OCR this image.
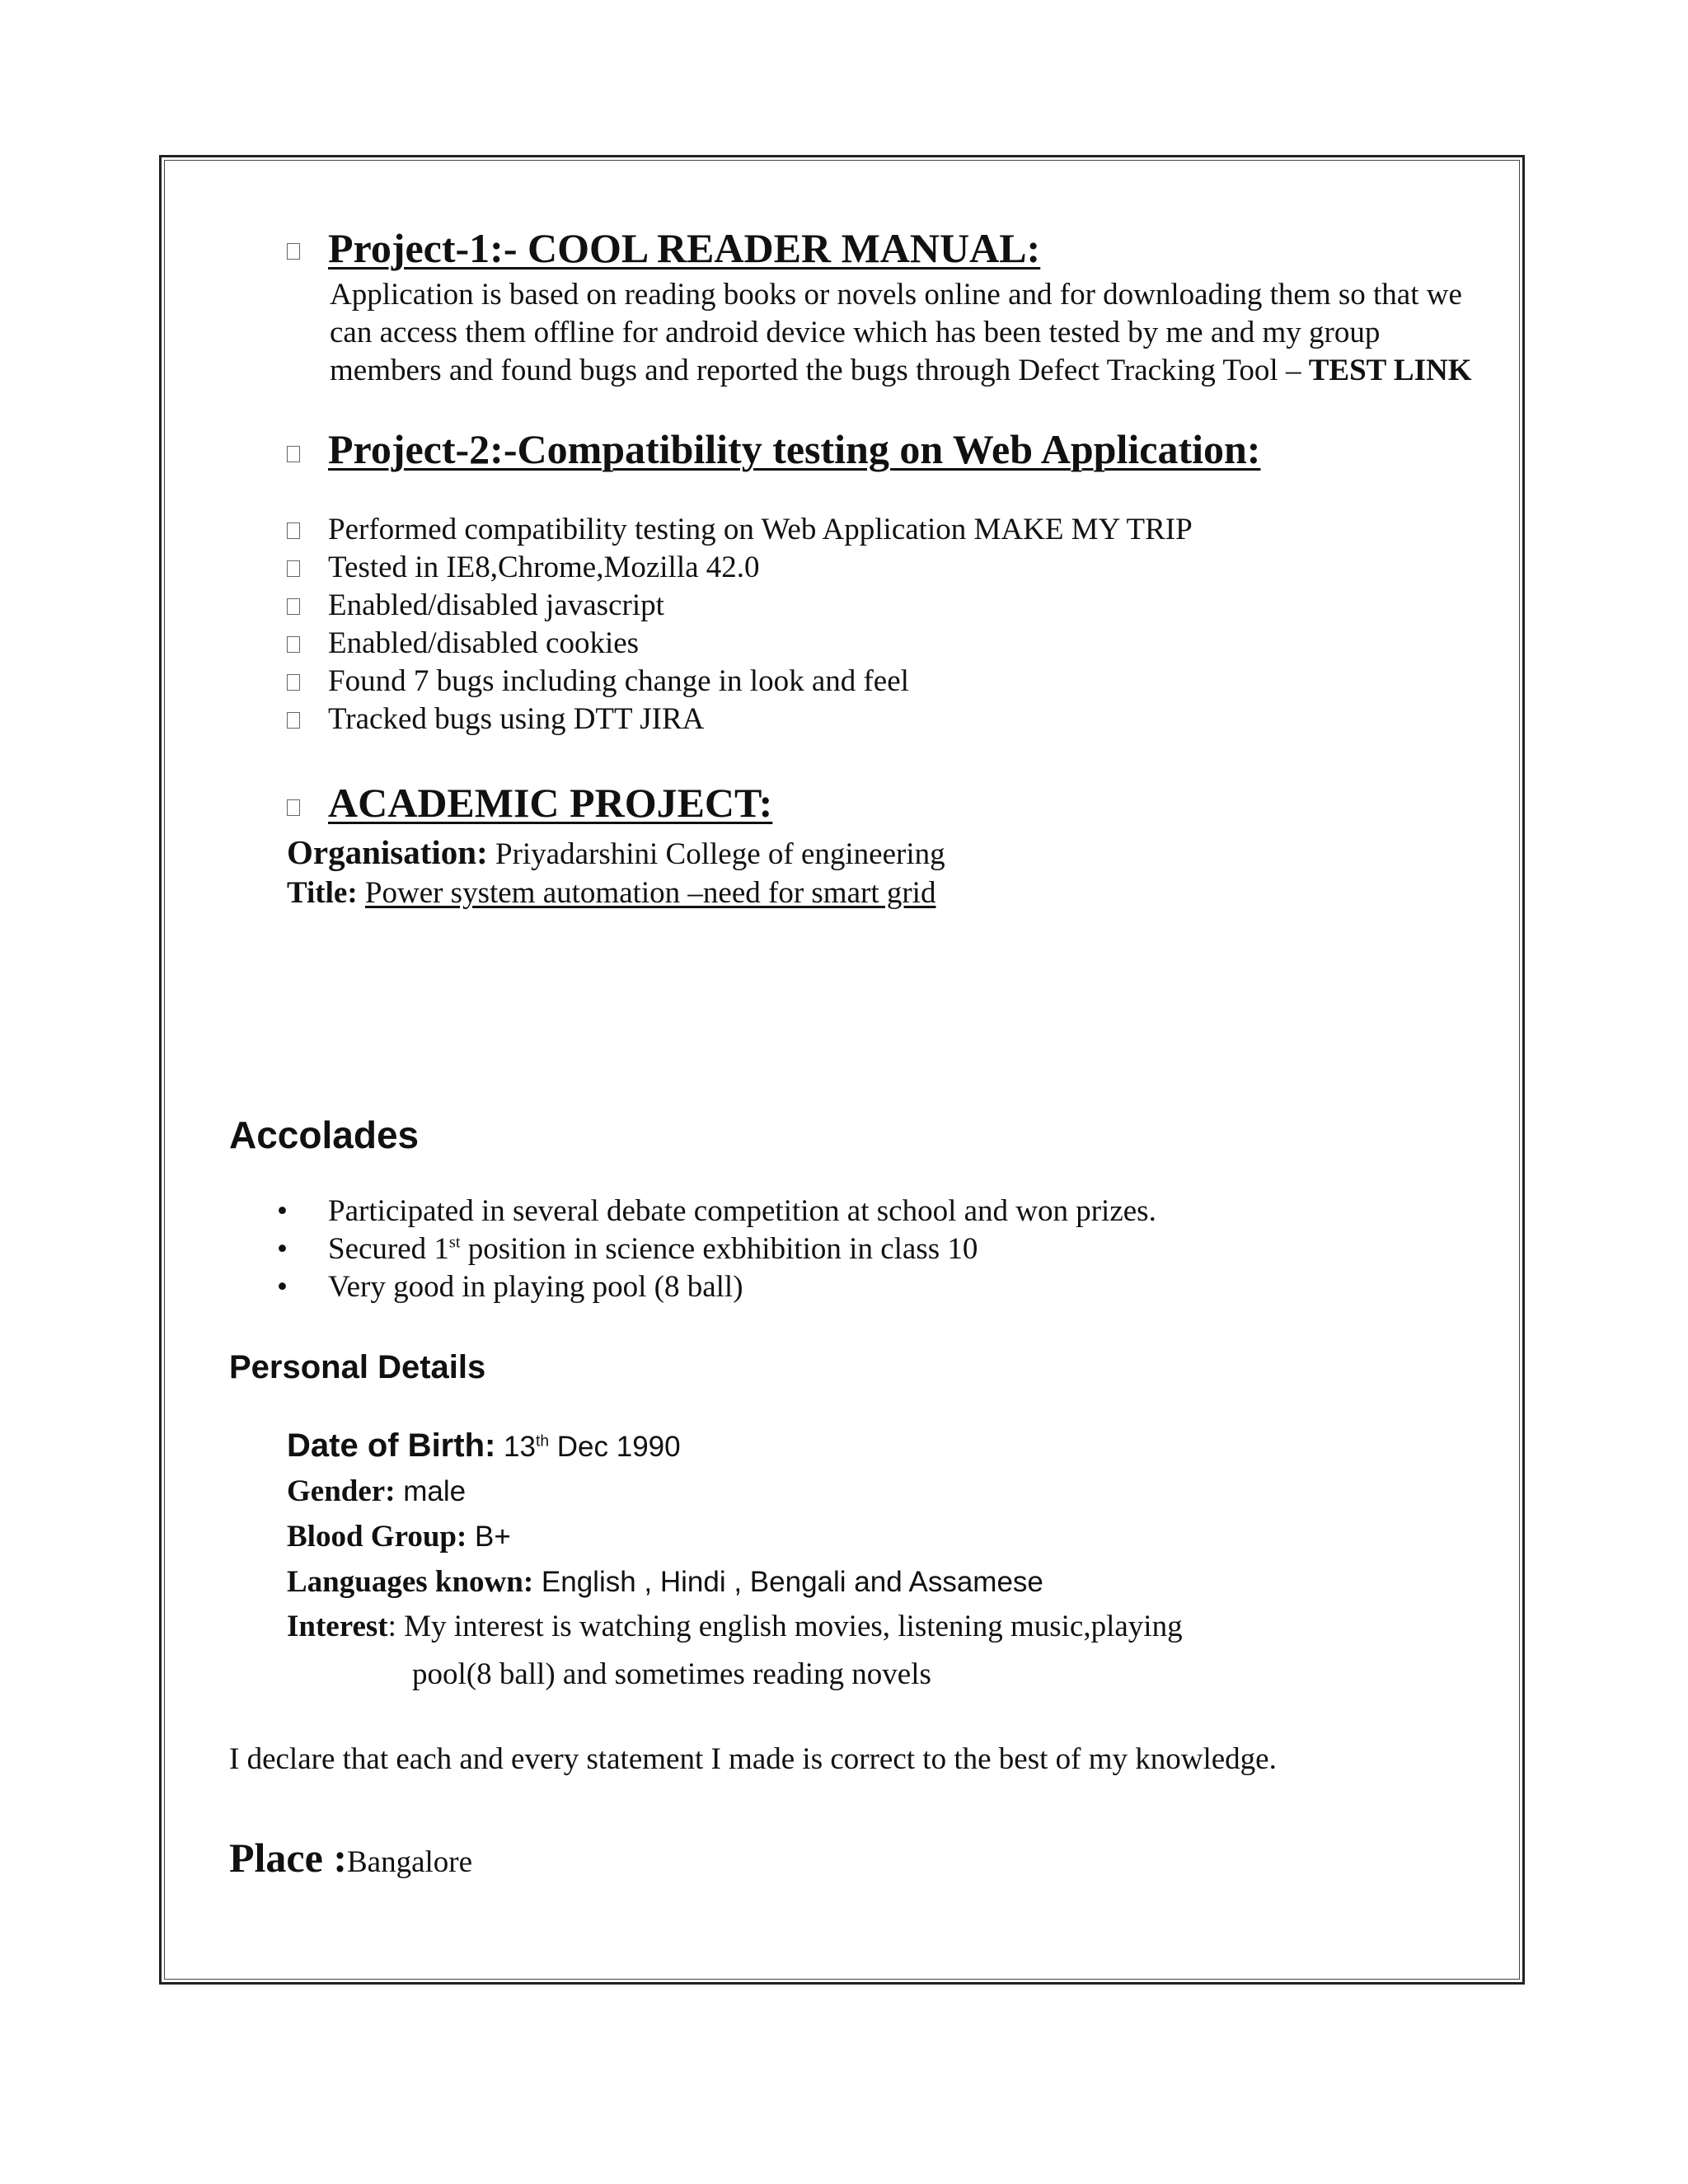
Project-1:- COOL READER MANUAL:
Application is based on reading books or novels online and for downloading them so that we can access them offline for android device which has been tested by me and my group members and found bugs and reported the bugs through Defect Tracking Tool – TEST LINK
Project-2:-Compatibility testing on Web Application:
Performed compatibility testing on Web Application MAKE MY TRIP
Tested in IE8,Chrome,Mozilla 42.0
Enabled/disabled javascript
Enabled/disabled cookies
Found 7 bugs including change in look and feel
Tracked bugs using DTT JIRA
ACADEMIC PROJECT:
Organisation: Priyadarshini College of engineering
Title: Power system automation –need for smart grid
Accolades
• Participated in several debate competition at school and won prizes.
• Secured 1st position in science exbhibition in class 10
• Very good in playing pool (8 ball)
Personal Details
Date of Birth: 13th Dec 1990
Gender: male
Blood Group: B+
Languages known: English , Hindi , Bengali and Assamese
Interest: My interest is watching english movies, listening music,playing
pool(8 ball) and sometimes reading novels
I declare that each and every statement I made is correct to the best of my knowledge.
Place :Bangalore
